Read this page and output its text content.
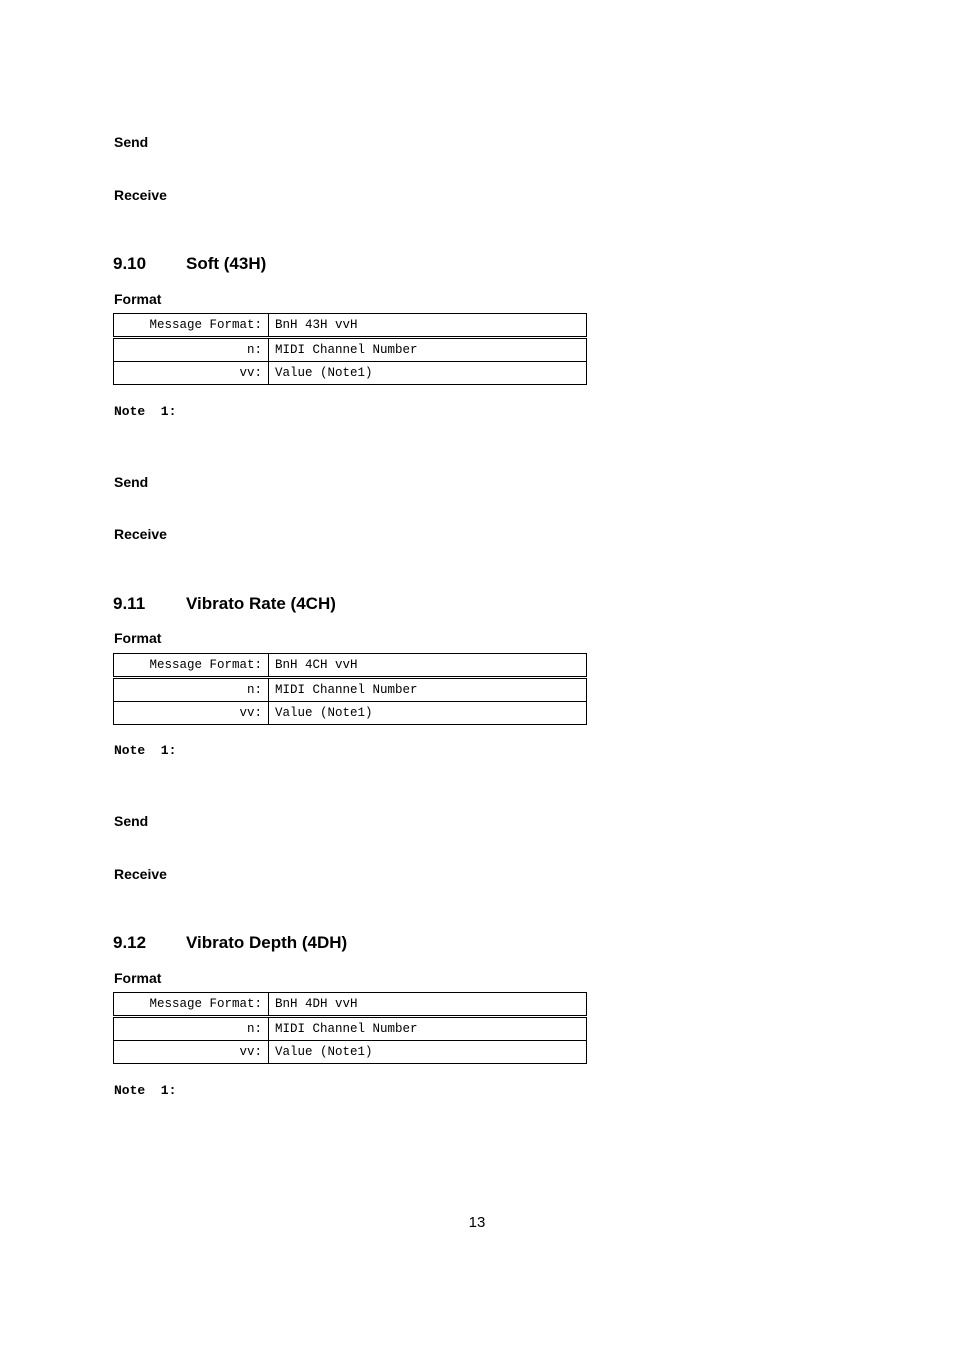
Send
Receive
9.10 Soft (43H)
Format
Message Format:	BnH 43H vvH
n:	MIDI Channel Number
vv:	Value (Note1)
Note  1:
Send
Receive
9.11 Vibrato Rate (4CH)
Format
Message Format:	BnH 4CH vvH
n:	MIDI Channel Number
vv:	Value (Note1)
Note  1:
Send
Receive
9.12 Vibrato Depth (4DH)
Format
Message Format:	BnH 4DH vvH
n:	MIDI Channel Number
vv:	Value (Note1)
Note  1:
13
